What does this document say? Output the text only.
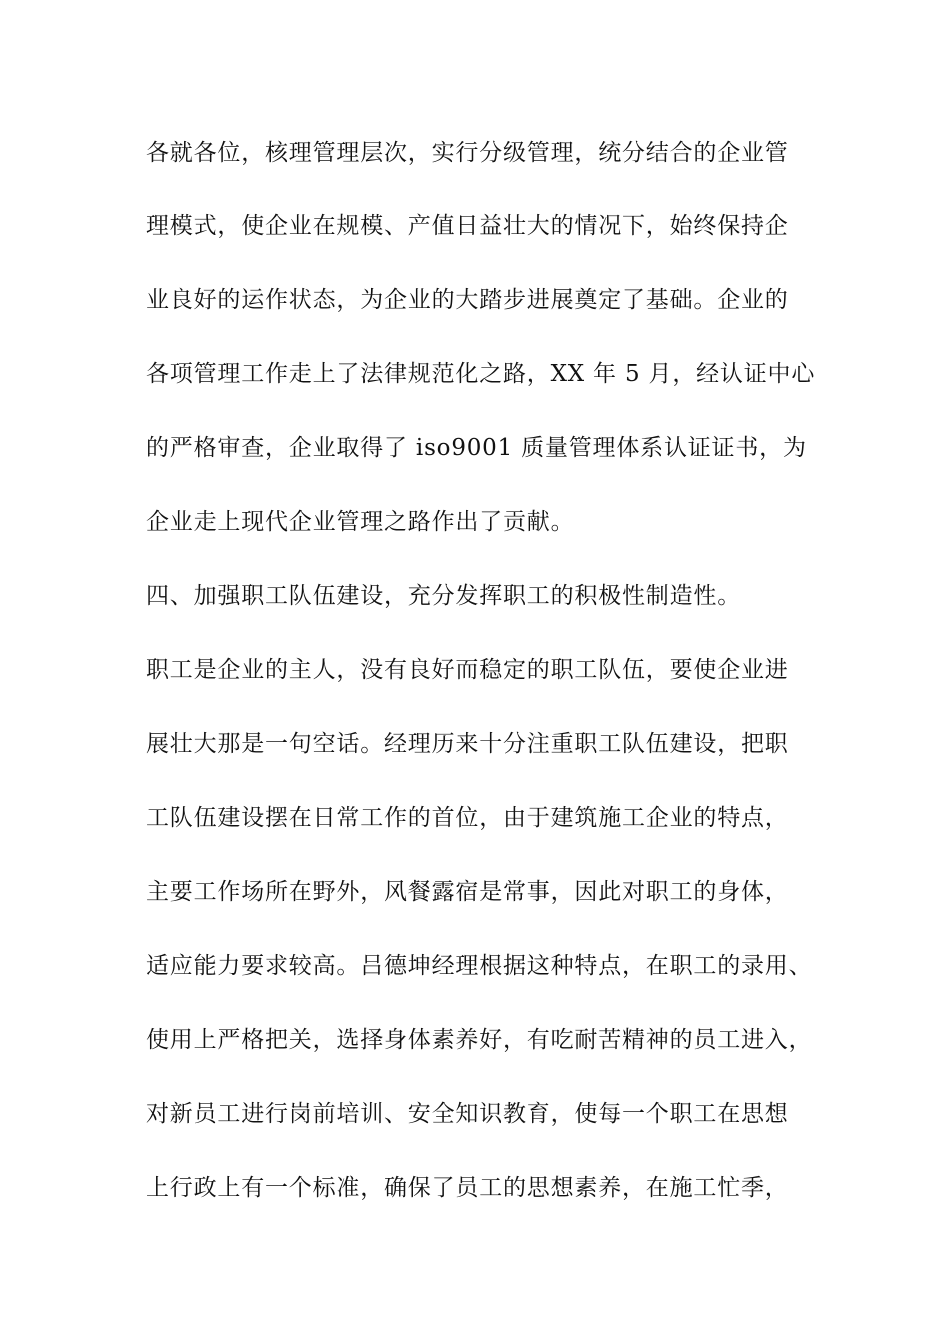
各就各位，核理管理层次，实行分级管理，统分结合的企业管
理模式，使企业在规模、产值日益壮大的情况下，始终保持企
业良好的运作状态，为企业的大踏步进展奠定了基础。企业的
各项管理工作走上了法律规范化之路，XX 年 5 月，经认证中心
的严格审查，企业取得了 iso9001 质量管理体系认证证书，为
企业走上现代企业管理之路作出了贡献。
四、加强职工队伍建设，充分发挥职工的积极性制造性。
职工是企业的主人，没有良好而稳定的职工队伍，要使企业进
展壮大那是一句空话。经理历来十分注重职工队伍建设，把职
工队伍建设摆在日常工作的首位，由于建筑施工企业的特点，
主要工作场所在野外，风餐露宿是常事，因此对职工的身体，
适应能力要求较高。吕德坤经理根据这种特点，在职工的录用、
使用上严格把关，选择身体素养好，有吃耐苦精神的员工进入，
对新员工进行岗前培训、安全知识教育，使每一个职工在思想
上行政上有一个标准，确保了员工的思想素养，在施工忙季，
